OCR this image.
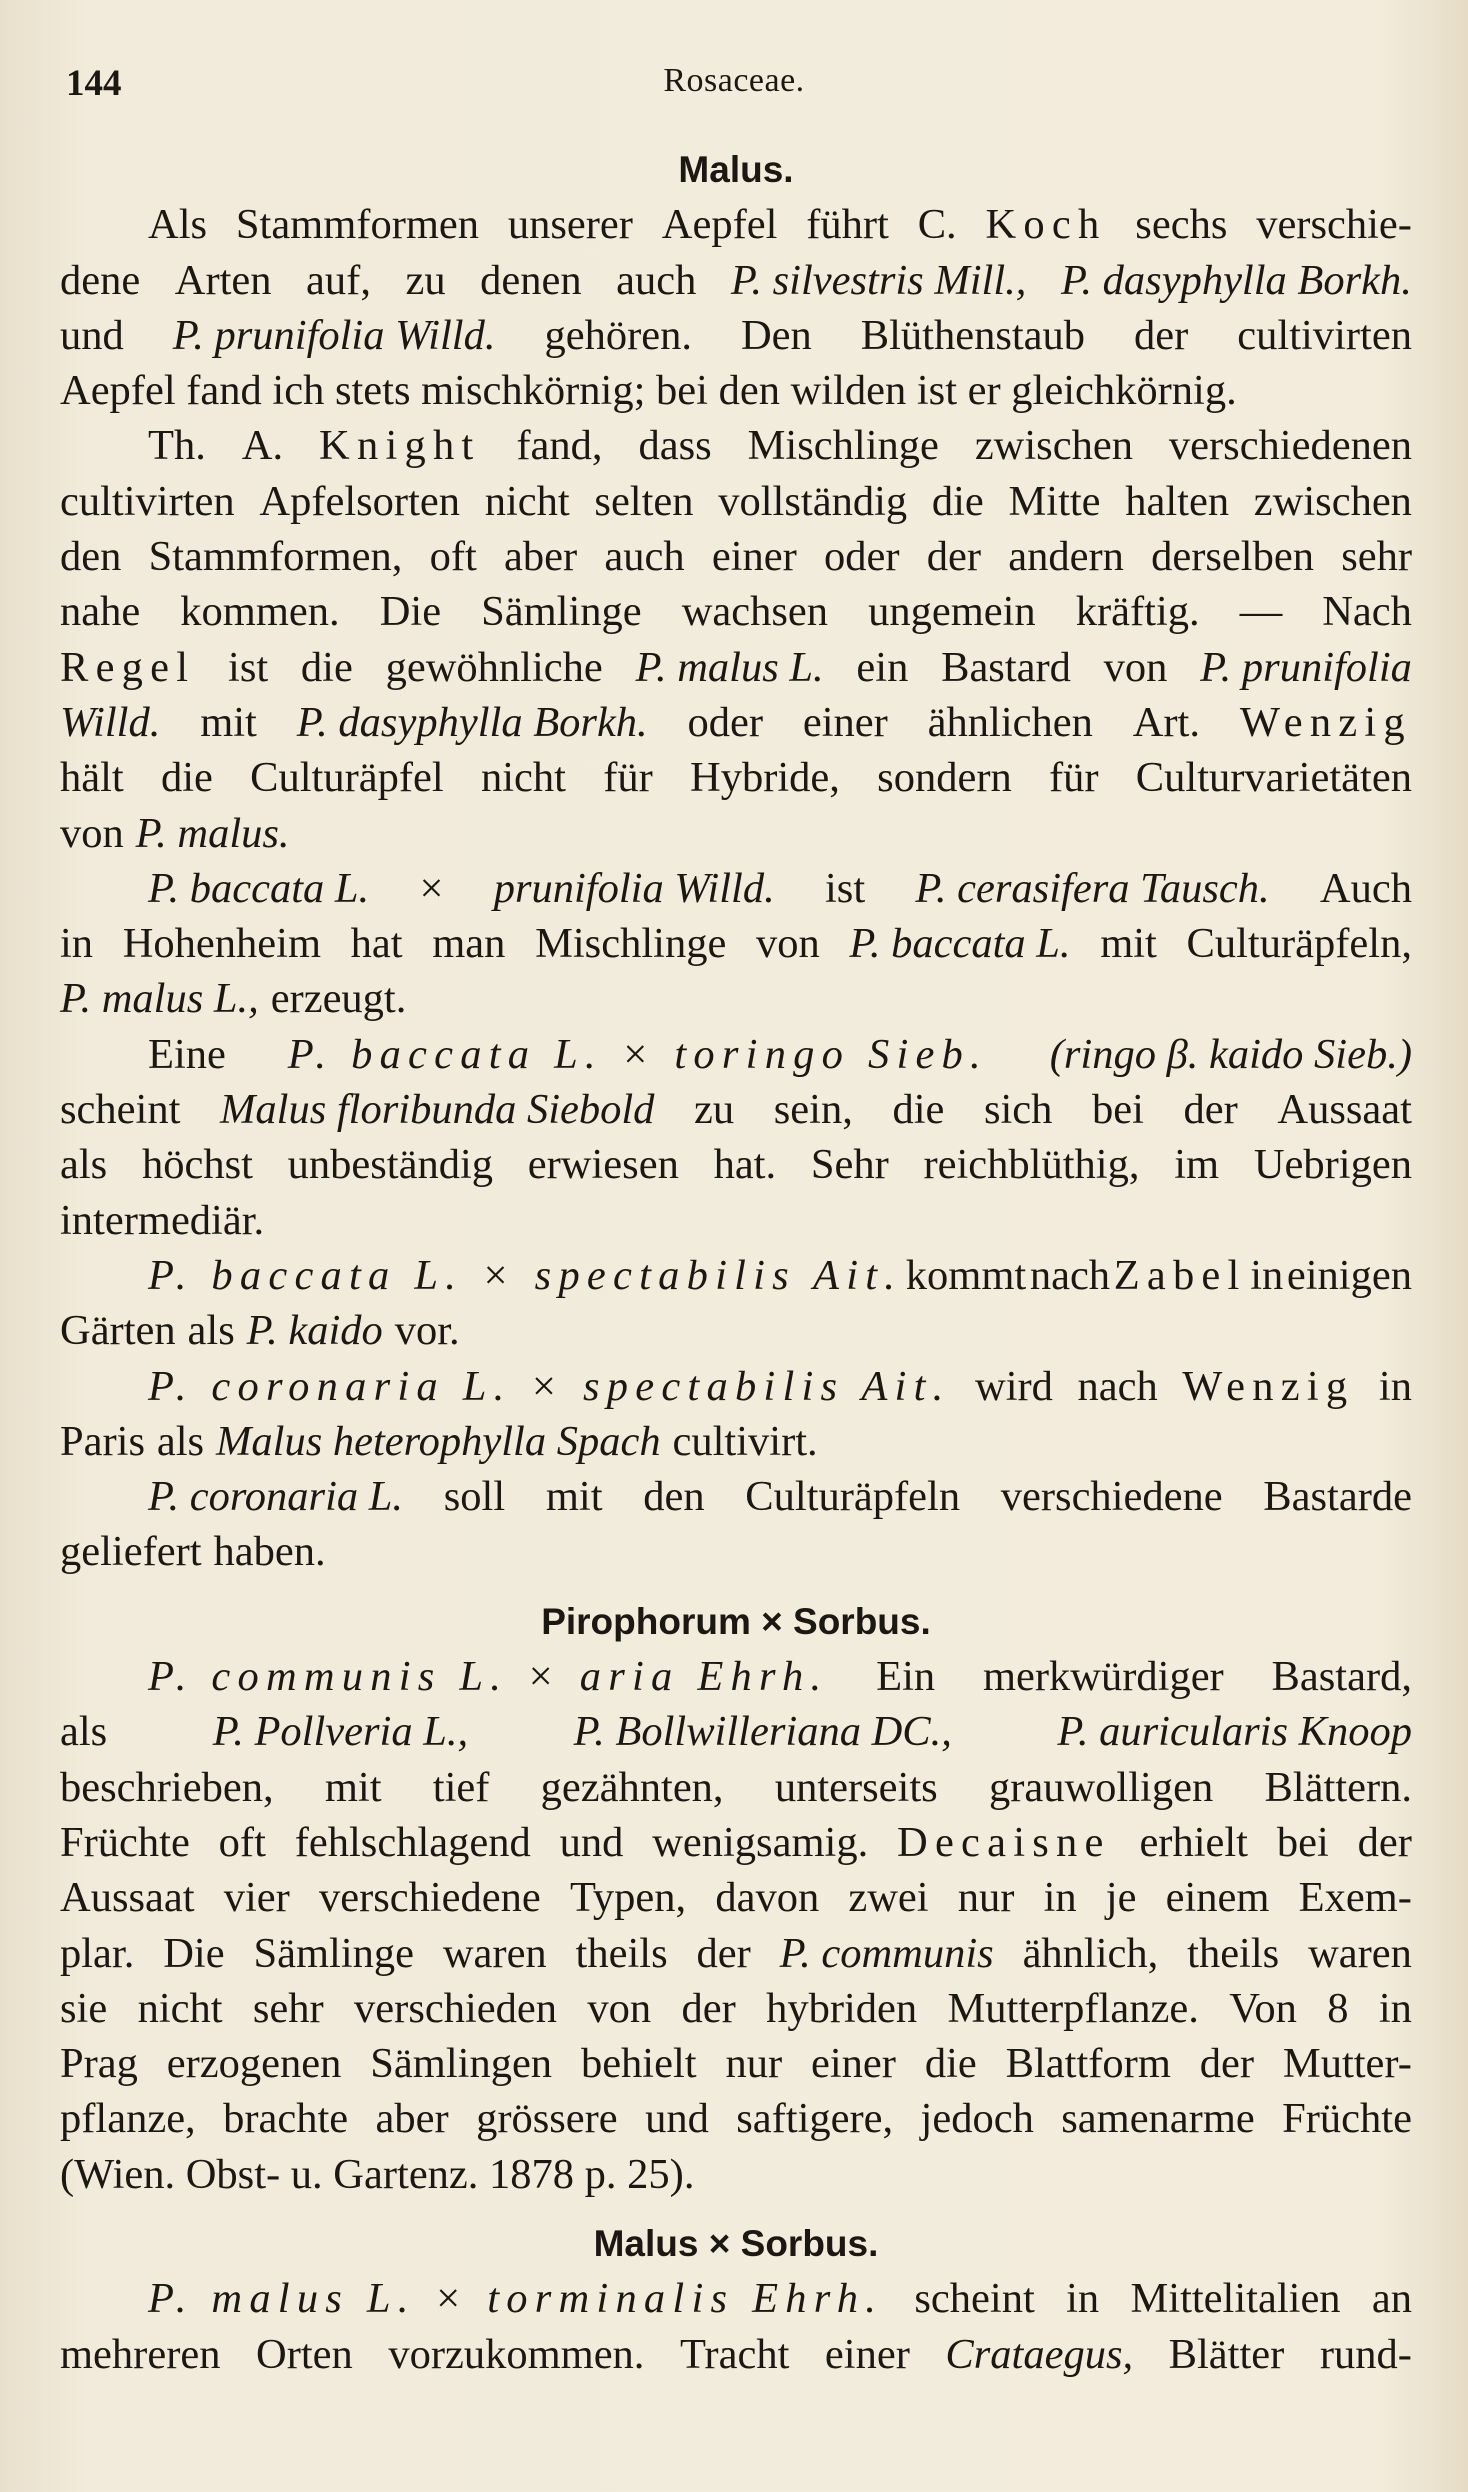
144	Rosaceae.
Malus.
Als Stammformen unserer Aepfel führt C. Koch sechs verschie-
dene Arten auf, zu denen auch P. silvestris Mill., P. dasyphylla Borkh.
und P. prunifolia Willd. gehören. Den Blüthenstaub der cultivirten
Aepfel fand ich stets mischkörnig; bei den wilden ist er gleichkörnig.
Th. A. Knight fand, dass Mischlinge zwischen verschiedenen
cultivirten Apfelsorten nicht selten vollständig die Mitte halten zwischen
den Stammformen, oft aber auch einer oder der andern derselben sehr
nahe kommen. Die Sämlinge wachsen ungemein kräftig. — Nach
Regel ist die gewöhnliche P. malus L. ein Bastard von P. prunifolia
Willd. mit P. dasyphylla Borkh. oder einer ähnlichen Art. Wenzig
hält die Culturäpfel nicht für Hybride, sondern für Culturvarietäten
von P. malus.
P. baccata L. × prunifolia Willd. ist P. cerasifera Tausch. Auch
in Hohenheim hat man Mischlinge von P. baccata L. mit Culturäpfeln,
P. malus L., erzeugt.
Eine P. baccata L. × toringo Sieb. (ringo β. kaido Sieb.)
scheint Malus floribunda Siebold zu sein, die sich bei der Aussaat
als höchst unbeständig erwiesen hat. Sehr reichblüthig, im Uebrigen
intermediär.
P. baccata L. × spectabilis Ait. kommt nach Zabel in einigen
Gärten als P. kaido vor.
P. coronaria L. × spectabilis Ait. wird nach Wenzig in
Paris als Malus heterophylla Spach cultivirt.
P. coronaria L. soll mit den Culturäpfeln verschiedene Bastarde
geliefert haben.
Pirophorum × Sorbus.
P. communis L. × aria Ehrh. Ein merkwürdiger Bastard,
als P. Pollveria L., P. Bollwilleriana DC., P. auricularis Knoop
beschrieben, mit tief gezähnten, unterseits grauwolligen Blättern.
Früchte oft fehlschlagend und wenigsamig. Decaisne erhielt bei der
Aussaat vier verschiedene Typen, davon zwei nur in je einem Exem-
plar. Die Sämlinge waren theils der P. communis ähnlich, theils waren
sie nicht sehr verschieden von der hybriden Mutterpflanze. Von 8 in
Prag erzogenen Sämlingen behielt nur einer die Blattform der Mutter-
pflanze, brachte aber grössere und saftigere, jedoch samenarme Früchte
(Wien. Obst- u. Gartenz. 1878 p. 25).
Malus × Sorbus.
P. malus L. × torminalis Ehrh. scheint in Mittelitalien an
mehreren Orten vorzukommen. Tracht einer Crataegus, Blätter rund-
